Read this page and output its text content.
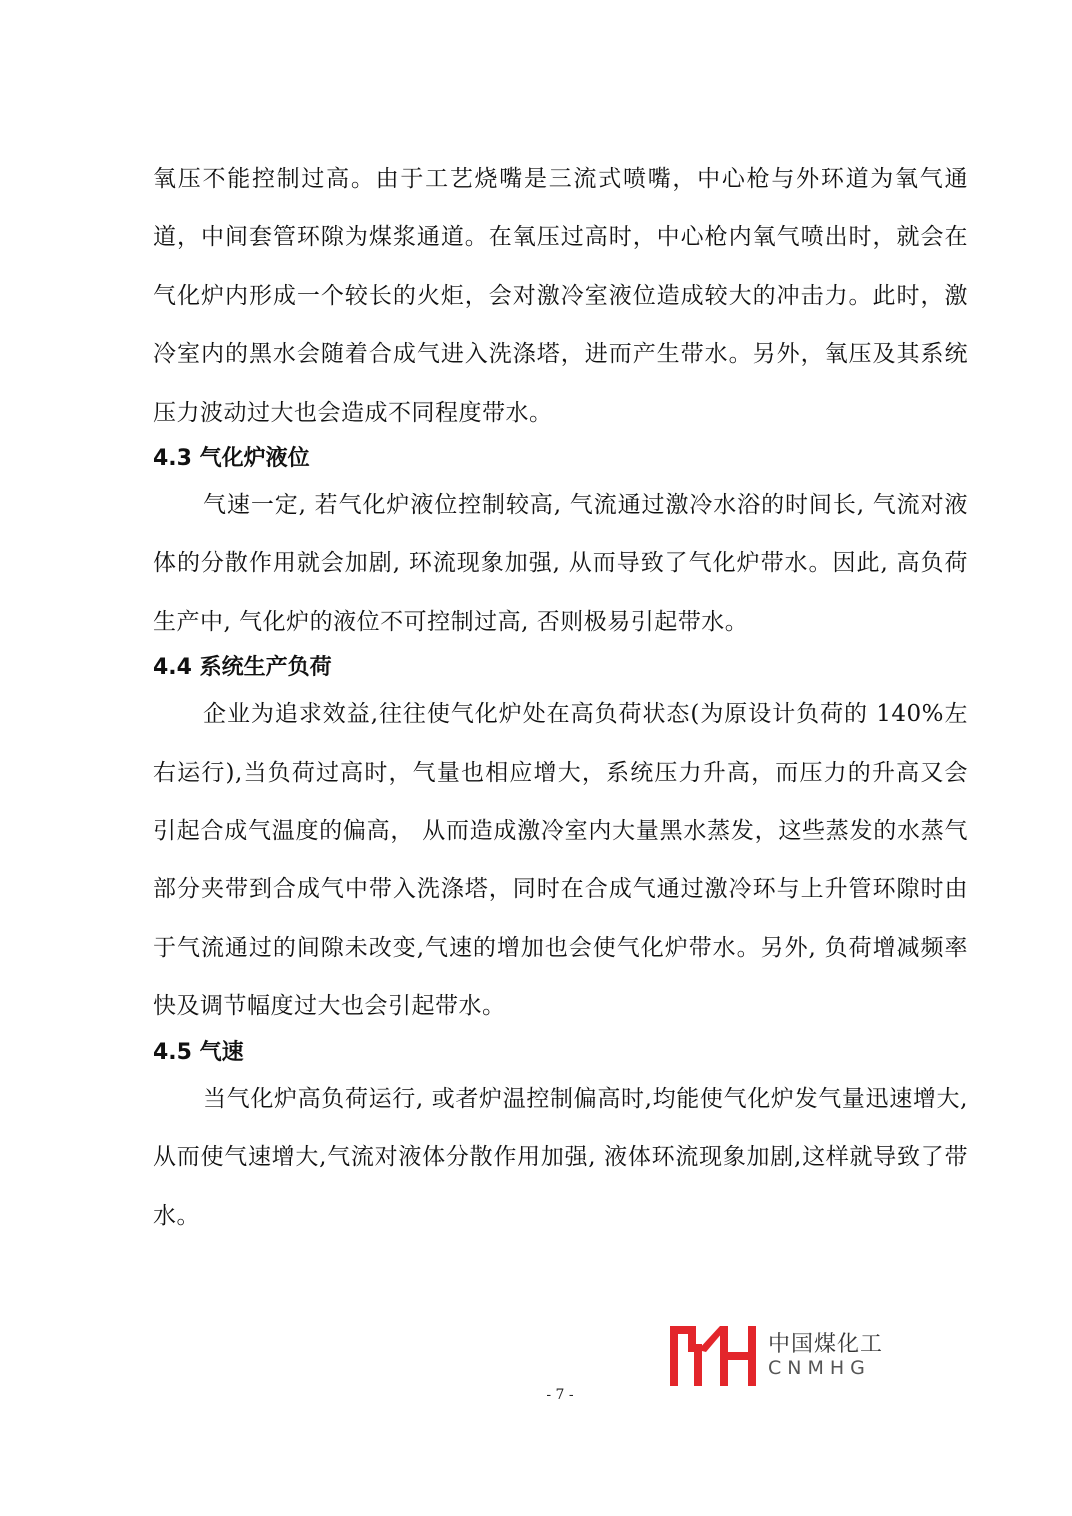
氧压不能控制过高。由于工艺烧嘴是三流式喷嘴，中心枪与外环道为氧气通道，中间套管环隙为煤浆通道。在氧压过高时，中心枪内氧气喷出时，就会在气化炉内形成一个较长的火炬，会对激冷室液位造成较大的冲击力。此时，激冷室内的黑水会随着合成气进入洗涤塔，进而产生带水。另外，氧压及其系统压力波动过大也会造成不同程度带水。

4.3 气化炉液位

气速一定, 若气化炉液位控制较高, 气流通过激冷水浴的时间长, 气流对液体的分散作用就会加剧, 环流现象加强, 从而导致了气化炉带水。因此, 高负荷生产中, 气化炉的液位不可控制过高, 否则极易引起带水。

4.4 系统生产负荷

企业为追求效益,往往使气化炉处在高负荷状态(为原设计负荷的 140%左右运行),当负荷过高时，气量也相应增大，系统压力升高，而压力的升高又会引起合成气温度的偏高， 从而造成激冷室内大量黑水蒸发，这些蒸发的水蒸气部分夹带到合成气中带入洗涤塔，同时在合成气通过激冷环与上升管环隙时由于气流通过的间隙未改变,气速的增加也会使气化炉带水。另外, 负荷增减频率快及调节幅度过大也会引起带水。

4.5 气速

当气化炉高负荷运行, 或者炉温控制偏高时,均能使气化炉发气量迅速增大, 从而使气速增大,气流对液体分散作用加强, 液体环流现象加剧,这样就导致了带水。

中国煤化工
CNMHG
- 7 -
